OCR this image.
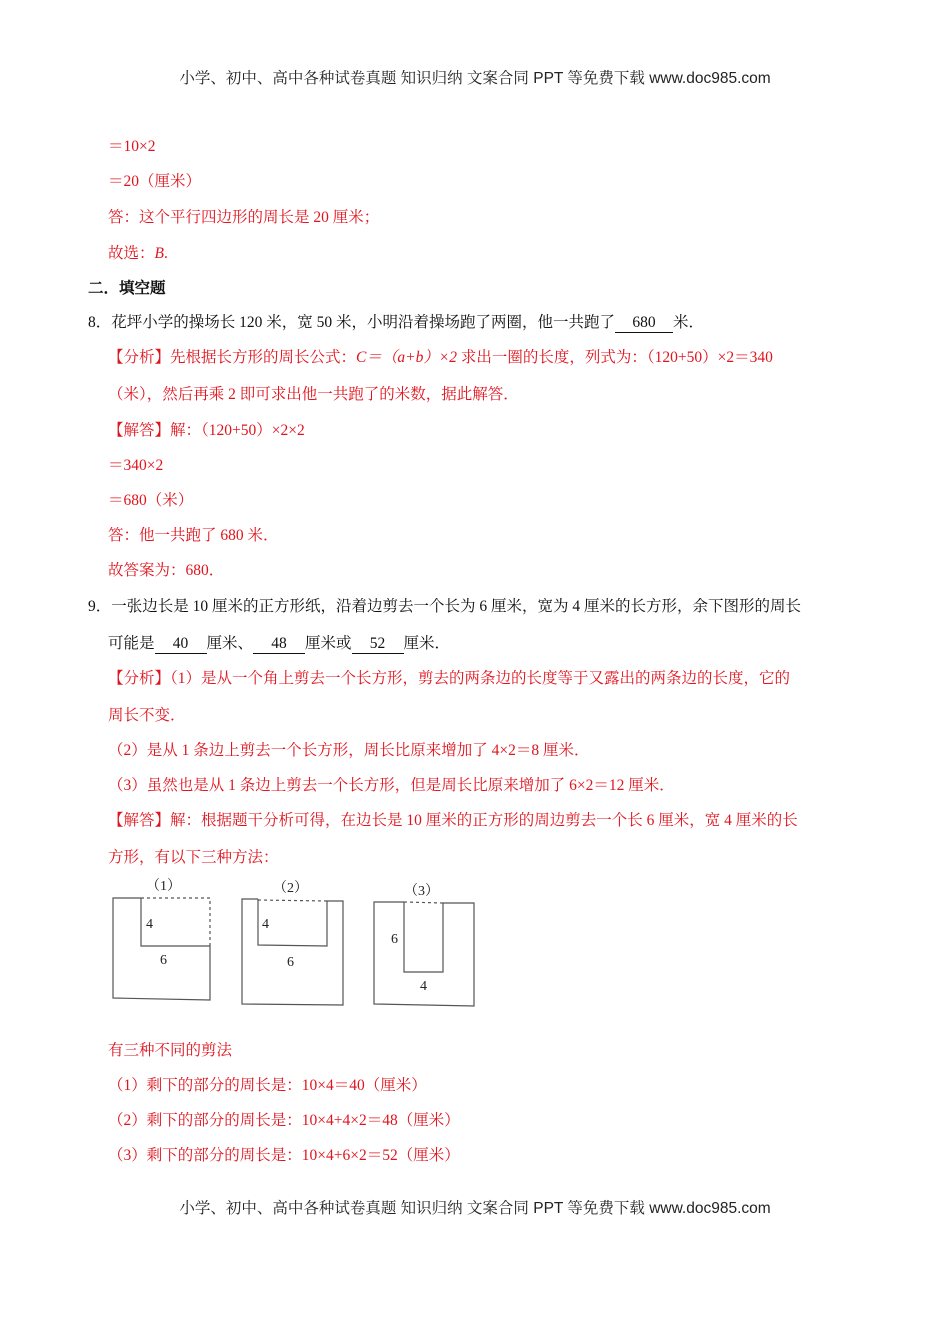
小学、初中、高中各种试卷真题 知识归纳 文案合同 PPT 等免费下载 www.doc985.com
＝10×2
＝20（厘米）
答：这个平行四边形的周长是 20 厘米；
故选：B.
二．填空题
8．花坪小学的操场长 120 米，宽 50 米，小明沿着操场跑了两圈，他一共跑了 680 米．
【分析】先根据长方形的周长公式：C＝（a+b）×2 求出一圈的长度，列式为：（120+50）×2＝340
（米），然后再乘 2 即可求出他一共跑了的米数，据此解答．
【解答】解：（120+50）×2×2
＝340×2
＝680（米）
答：他一共跑了 680 米．
故答案为：680．
9．一张边长是 10 厘米的正方形纸，沿着边剪去一个长为 6 厘米，宽为 4 厘米的长方形，余下图形的周长
可能是 40 厘米、 48 厘米或 52 厘米．
【分析】（1）是从一个角上剪去一个长方形，剪去的两条边的长度等于又露出的两条边的长度，它的
周长不变．
（2）是从 1 条边上剪去一个长方形，周长比原来增加了 4×2＝8 厘米．
（3）虽然也是从 1 条边上剪去一个长方形，但是周长比原来增加了 6×2＝12 厘米．
【解答】解：根据题干分析可得，在边长是 10 厘米的正方形的周边剪去一个长 6 厘米，宽 4 厘米的长
方形，有以下三种方法：
（1）
4
6
（2）
4
6
（3）
6
4
有三种不同的剪法
（1）剩下的部分的周长是：10×4＝40（厘米）
（2）剩下的部分的周长是：10×4+4×2＝48（厘米）
（3）剩下的部分的周长是：10×4+6×2＝52（厘米）
小学、初中、高中各种试卷真题 知识归纳 文案合同 PPT 等免费下载 www.doc985.com
